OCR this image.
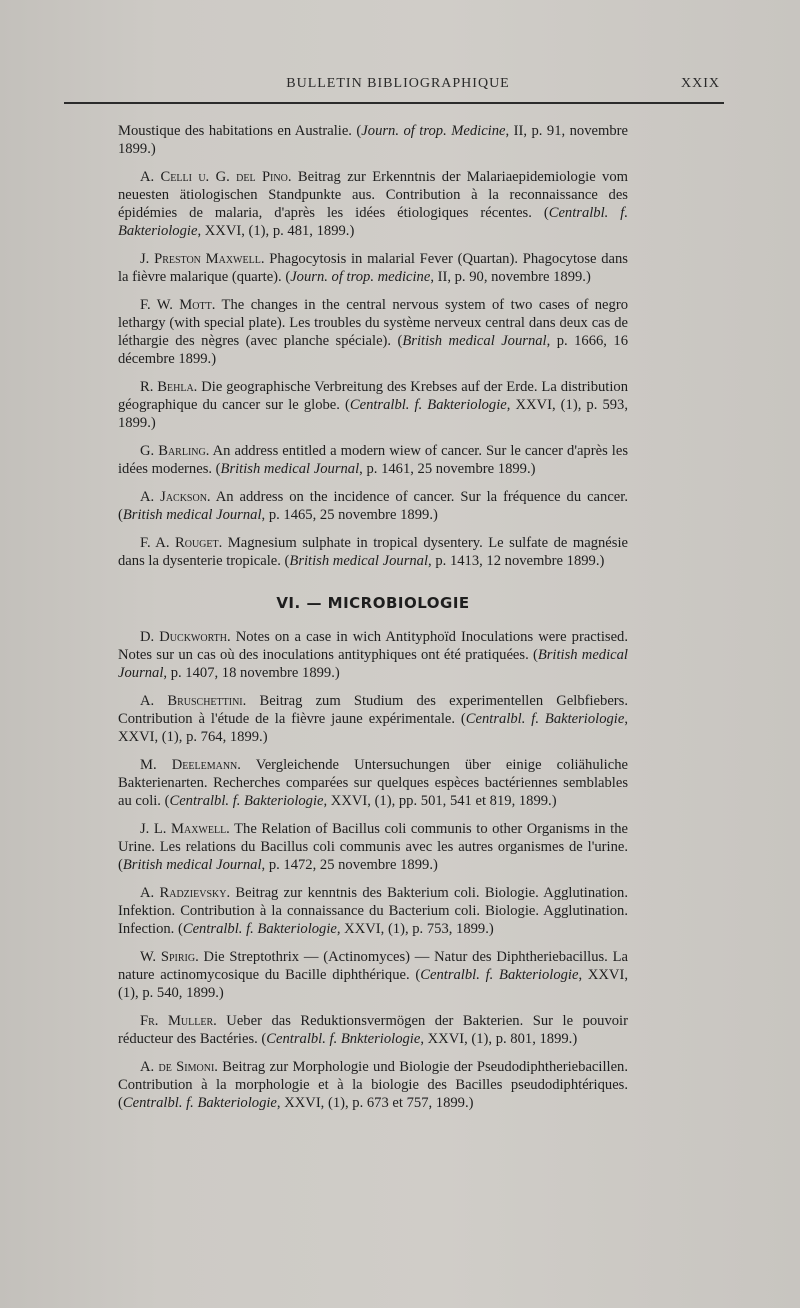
BULLETIN BIBLIOGRAPHIQUE	XXIX

Moustique des habitations en Australie. (Journ. of trop. Medicine, II, p. 91, novembre 1899.)

A. Celli u. G. del Pino. Beitrag zur Erkenntnis der Malariaepidemiologie vom neuesten ätiologischen Standpunkte aus. Contribution à la reconnaissance des épidémies de malaria, d'après les idées étiologiques récentes. (Centralbl. f. Bakteriologie, XXVI, (1), p. 481, 1899.)

J. Preston Maxwell. Phagocytosis in malarial Fever (Quartan). Phagocytose dans la fièvre malarique (quarte). (Journ. of trop. medicine, II, p. 90, novembre 1899.)

F. W. Mott. The changes in the central nervous system of two cases of negro lethargy (with special plate). Les troubles du système nerveux central dans deux cas de léthargie des nègres (avec planche spéciale). (British medical Journal, p. 1666, 16 décembre 1899.)

R. Behla. Die geographische Verbreitung des Krebses auf der Erde. La distribution géographique du cancer sur le globe. (Centralbl. f. Bakteriologie, XXVI, (1), p. 593, 1899.)

G. Barling. An address entitled a modern wiew of cancer. Sur le cancer d'après les idées modernes. (British medical Journal, p. 1461, 25 novembre 1899.)

A. Jackson. An address on the incidence of cancer. Sur la fréquence du cancer. (British medical Journal, p. 1465, 25 novembre 1899.)

F. A. Rouget. Magnesium sulphate in tropical dysentery. Le sulfate de magnésie dans la dysenterie tropicale. (British medical Journal, p. 1413, 12 novembre 1899.)

VI. — MICROBIOLOGIE

D. Duckworth. Notes on a case in wich Antityphoïd Inoculations were practised. Notes sur un cas où des inoculations antityphiques ont été pratiquées. (British medical Journal, p. 1407, 18 novembre 1899.)

A. Bruschettini. Beitrag zum Studium des experimentellen Gelbfiebers. Contribution à l'étude de la fièvre jaune expérimentale. (Centralbl. f. Bakteriologie, XXVI, (1), p. 764, 1899.)

M. Deelemann. Vergleichende Untersuchungen über einige coliähuliche Bakterienarten. Recherches comparées sur quelques espèces bactériennes semblables au coli. (Centralbl. f. Bakteriologie, XXVI, (1), pp. 501, 541 et 819, 1899.)

J. L. Maxwell. The Relation of Bacillus coli communis to other Organisms in the Urine. Les relations du Bacillus coli communis avec les autres organismes de l'urine. (British medical Journal, p. 1472, 25 novembre 1899.)

A. Radzievsky. Beitrag zur kenntnis des Bakterium coli. Biologie. Agglutination. Infektion. Contribution à la connaissance du Bacterium coli. Biologie. Agglutination. Infection. (Centralbl. f. Bakteriologie, XXVI, (1), p. 753, 1899.)

W. Spirig. Die Streptothrix — (Actinomyces) — Natur des Diphtheriebacillus. La nature actinomycosique du Bacille diphthérique. (Centralbl. f. Bakteriologie, XXVI, (1), p. 540, 1899.)

Fr. Muller. Ueber das Reduktionsvermögen der Bakterien. Sur le pouvoir réducteur des Bactéries. (Centralbl. f. Bnkteriologie, XXVI, (1), p. 801, 1899.)

A. de Simoni. Beitrag zur Morphologie und Biologie der Pseudodiphtheriebacillen. Contribution à la morphologie et à la biologie des Bacilles pseudodiphtériques. (Centralbl. f. Bakteriologie, XXVI, (1), p. 673 et 757, 1899.)
